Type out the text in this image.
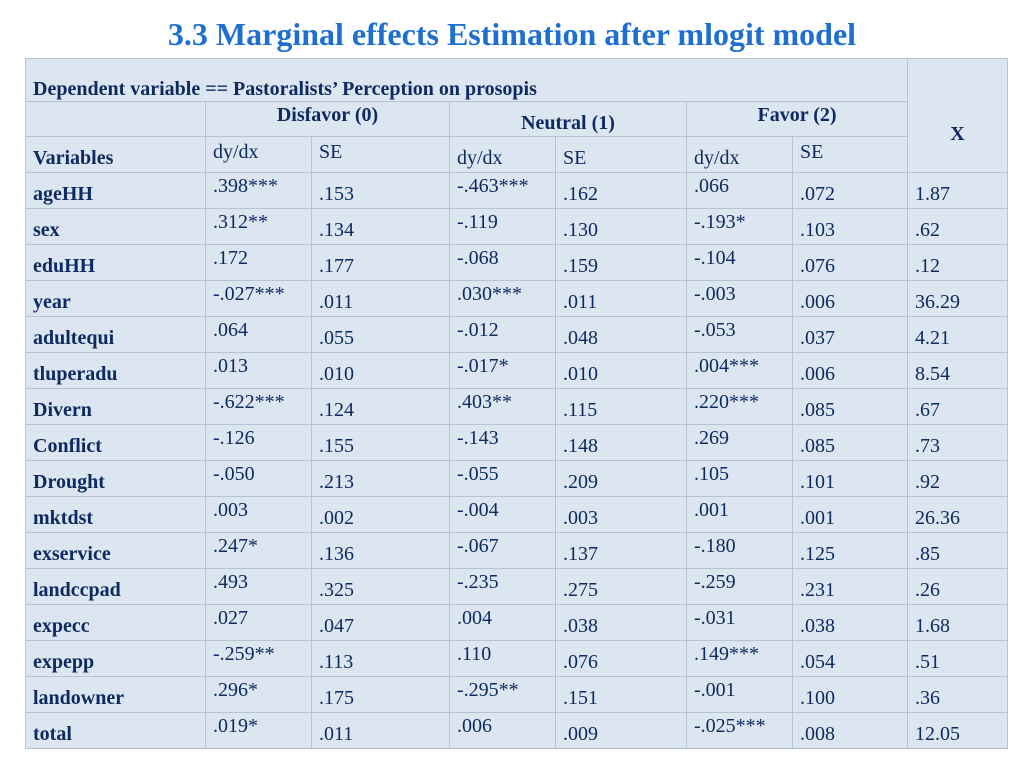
3.3 Marginal effects Estimation after mlogit model
Dependent variable == Pastoralists’ Perception on prosopis							X
	Disfavor (0)		Neutral (1)		Favor (2)		
Variables	dy/dx	SE	dy/dx	SE	dy/dx	SE	
ageHH	.398***	.153	-.463***	.162	.066	.072	1.87
sex	.312**	.134	-.119	.130	-.193*	.103	.62
eduHH	.172	.177	-.068	.159	-.104	.076	.12
year	-.027***	.011	.030***	.011	-.003	.006	36.29
adultequi	.064	.055	-.012	.048	-.053	.037	4.21
tluperadu	.013	.010	-.017*	.010	.004***	.006	8.54
Divern	-.622***	.124	.403**	.115	.220***	.085	.67
Conflict	-.126	.155	-.143	.148	.269	.085	.73
Drought	-.050	.213	-.055	.209	.105	.101	.92
mktdst	.003	.002	-.004	.003	.001	.001	26.36
exservice	.247*	.136	-.067	.137	-.180	.125	.85
landccpad	.493	.325	-.235	.275	-.259	.231	.26
expecc	.027	.047	.004	.038	-.031	.038	1.68
expepp	-.259**	.113	.110	.076	.149***	.054	.51
landowner	.296*	.175	-.295**	.151	-.001	.100	.36
total	.019*	.011	.006	.009	-.025***	.008	12.05
